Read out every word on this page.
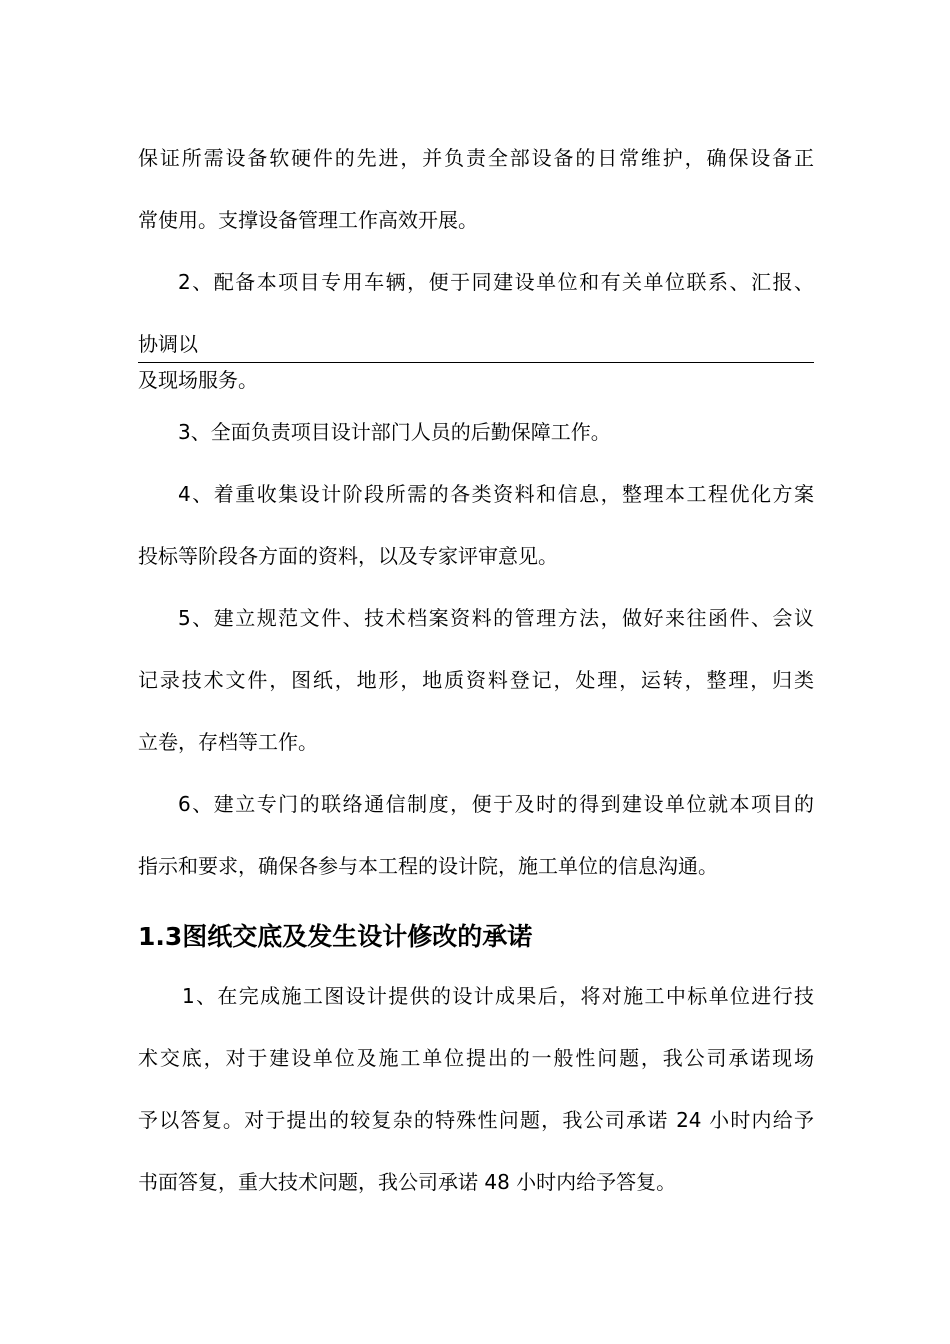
保证所需设备软硬件的先进，并负责全部设备的日常维护，确保设备正
常使用。支撑设备管理工作高效开展。
2、配备本项目专用车辆，便于同建设单位和有关单位联系、汇报、
协调以
及现场服务。
3、全面负责项目设计部门人员的后勤保障工作。
4、着重收集设计阶段所需的各类资料和信息，整理本工程优化方案
投标等阶段各方面的资料，以及专家评审意见。
5、建立规范文件、技术档案资料的管理方法，做好来往函件、会议
记录技术文件，图纸，地形，地质资料登记，处理，运转，整理，归类
立卷，存档等工作。
6、建立专门的联络通信制度，便于及时的得到建设单位就本项目的
指示和要求，确保各参与本工程的设计院，施工单位的信息沟通。
1.3图纸交底及发生设计修改的承诺
1、在完成施工图设计提供的设计成果后，将对施工中标单位进行技
术交底，对于建设单位及施工单位提出的一般性问题，我公司承诺现场
予以答复。对于提出的较复杂的特殊性问题，我公司承诺 24 小时内给予
书面答复，重大技术问题，我公司承诺 48 小时内给予答复。
